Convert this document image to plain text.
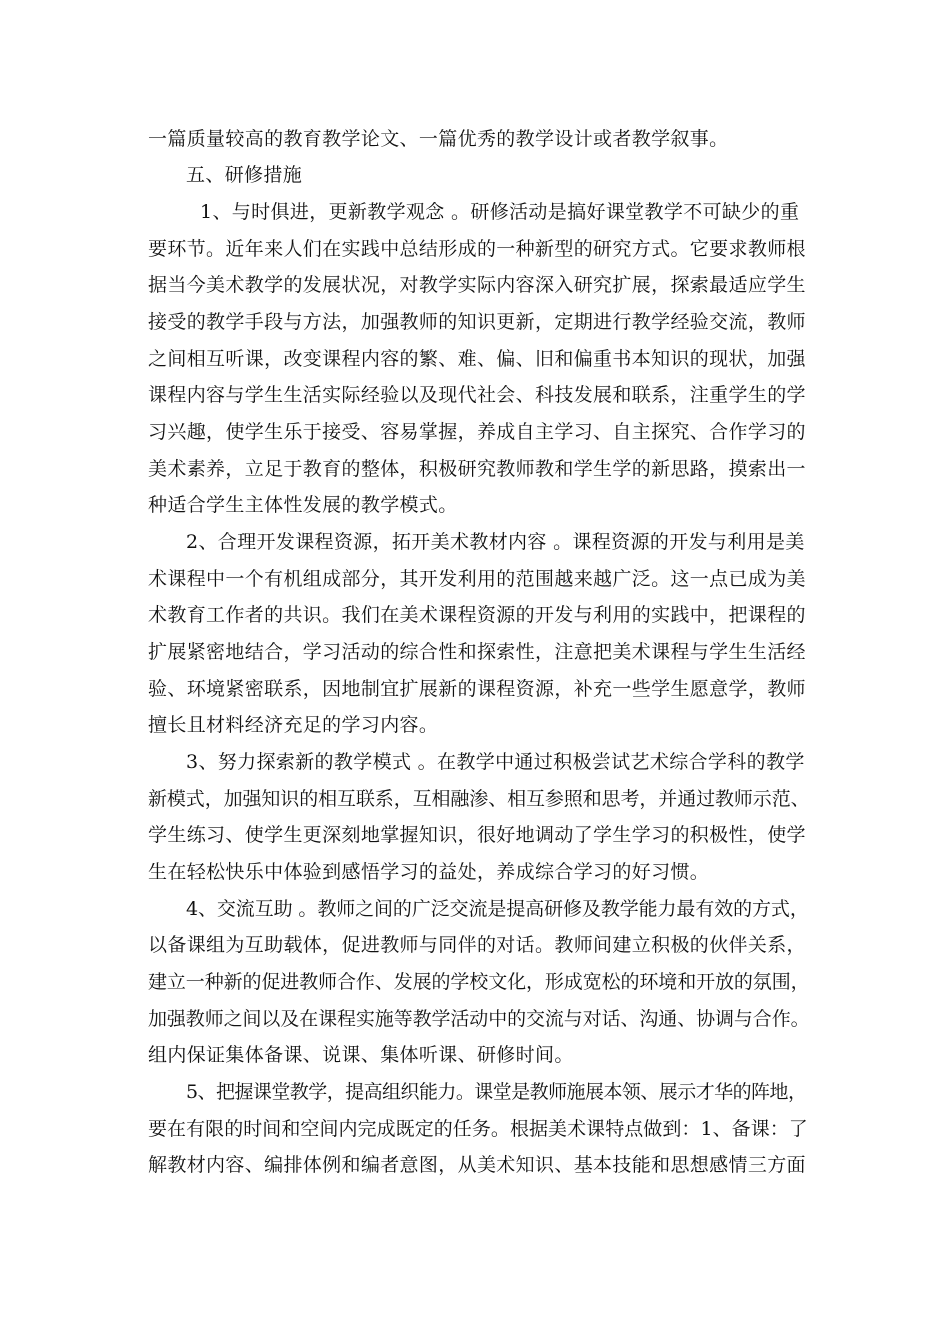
一篇质量较高的教育教学论文、一篇优秀的教学设计或者教学叙事。

五、研修措施

1、与时俱进，更新教学观念 。研修活动是搞好课堂教学不可缺少的重

要环节。近年来人们在实践中总结形成的一种新型的研究方式。它要求教师根

据当今美术教学的发展状况，对教学实际内容深入研究扩展，探索最适应学生

接受的教学手段与方法，加强教师的知识更新，定期进行教学经验交流，教师

之间相互听课，改变课程内容的繁、难、偏、旧和偏重书本知识的现状，加强

课程内容与学生生活实际经验以及现代社会、科技发展和联系，注重学生的学

习兴趣，使学生乐于接受、容易掌握，养成自主学习、自主探究、合作学习的

美术素养，立足于教育的整体，积极研究教师教和学生学的新思路，摸索出一

种适合学生主体性发展的教学模式。

2、合理开发课程资源，拓开美术教材内容 。课程资源的开发与利用是美

术课程中一个有机组成部分，其开发利用的范围越来越广泛。这一点已成为美

术教育工作者的共识。我们在美术课程资源的开发与利用的实践中，把课程的

扩展紧密地结合，学习活动的综合性和探索性，注意把美术课程与学生生活经

验、环境紧密联系，因地制宜扩展新的课程资源，补充一些学生愿意学，教师

擅长且材料经济充足的学习内容。

3、努力探索新的教学模式 。在教学中通过积极尝试艺术综合学科的教学

新模式，加强知识的相互联系，互相融渗、相互参照和思考，并通过教师示范、

学生练习、使学生更深刻地掌握知识，很好地调动了学生学习的积极性，使学

生在轻松快乐中体验到感悟学习的益处，养成综合学习的好习惯。

4、交流互助 。教师之间的广泛交流是提高研修及教学能力最有效的方式，

以备课组为互助载体，促进教师与同伴的对话。教师间建立积极的伙伴关系，

建立一种新的促进教师合作、发展的学校文化，形成宽松的环境和开放的氛围，

加强教师之间以及在课程实施等教学活动中的交流与对话、沟通、协调与合作。

组内保证集体备课、说课、集体听课、研修时间。

5、把握课堂教学，提高组织能力。课堂是教师施展本领、展示才华的阵地，

要在有限的时间和空间内完成既定的任务。根据美术课特点做到：1、备课：了

解教材内容、编排体例和编者意图，从美术知识、基本技能和思想感情三方面
